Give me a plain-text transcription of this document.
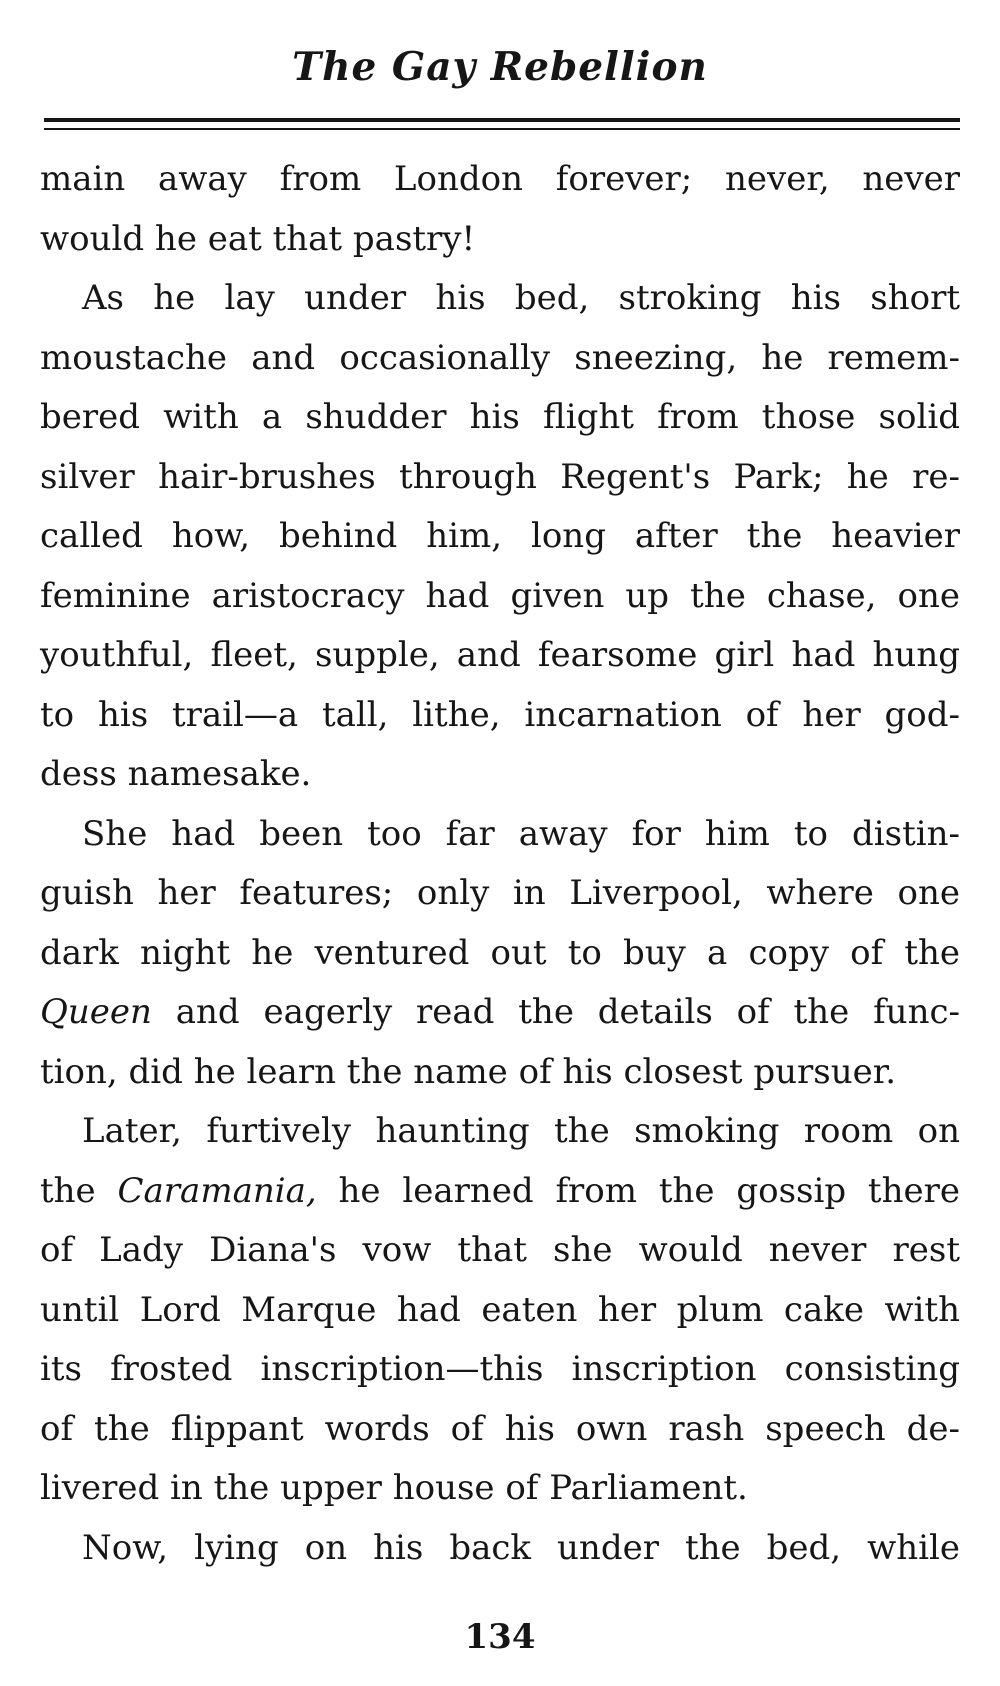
The Gay Rebellion
main away from London forever; never, never
would he eat that pastry!
As he lay under his bed, stroking his short
moustache and occasionally sneezing, he remem-
bered with a shudder his flight from those solid
silver hair-brushes through Regent's Park; he re-
called how, behind him, long after the heavier
feminine aristocracy had given up the chase, one
youthful, fleet, supple, and fearsome girl had hung
to his trail—a tall, lithe, incarnation of her god-
dess namesake.
She had been too far away for him to distin-
guish her features; only in Liverpool, where one
dark night he ventured out to buy a copy of the
Queen and eagerly read the details of the func-
tion, did he learn the name of his closest pursuer.
Later, furtively haunting the smoking room on
the Caramania, he learned from the gossip there
of Lady Diana's vow that she would never rest
until Lord Marque had eaten her plum cake with
its frosted inscription—this inscription consisting
of the flippant words of his own rash speech de-
livered in the upper house of Parliament.
Now, lying on his back under the bed, while
134
